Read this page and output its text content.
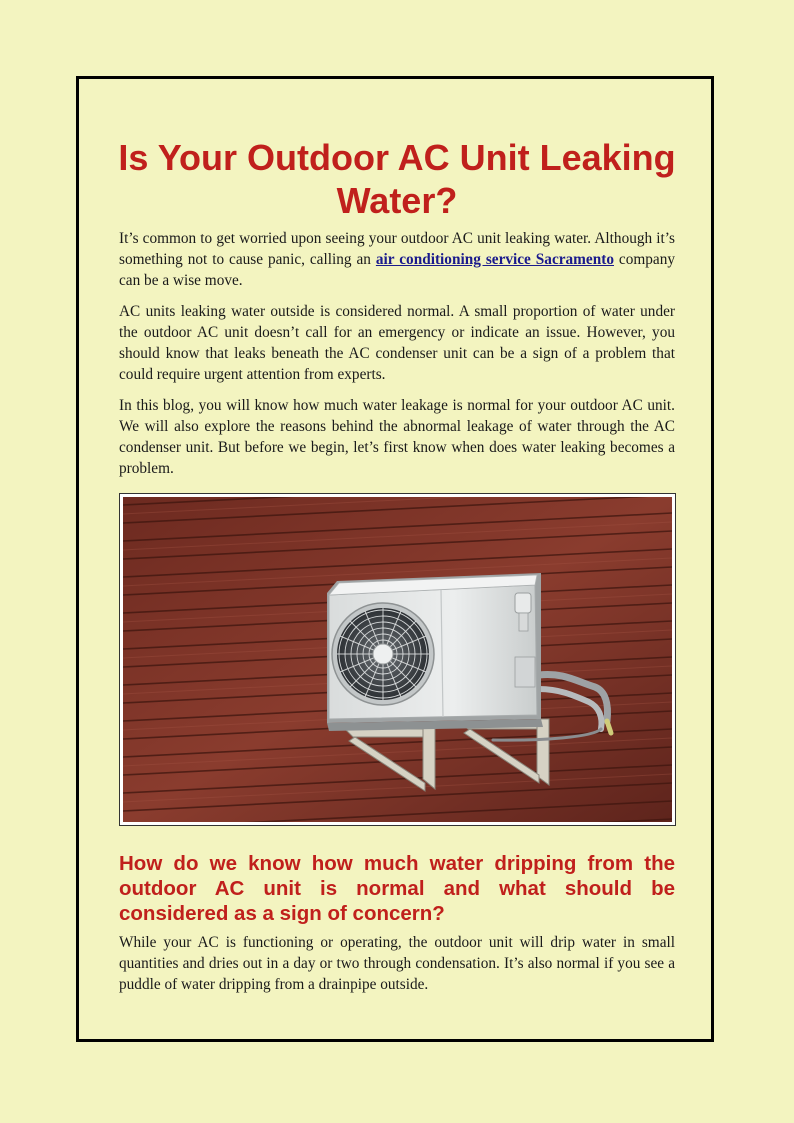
Is Your Outdoor AC Unit Leaking Water?

It’s common to get worried upon seeing your outdoor AC unit leaking water. Although it’s something not to cause panic, calling an air conditioning service Sacramento company can be a wise move.

AC units leaking water outside is considered normal. A small proportion of water under the outdoor AC unit doesn’t call for an emergency or indicate an issue. However, you should know that leaks beneath the AC condenser unit can be a sign of a problem that could require urgent attention from experts.

In this blog, you will know how much water leakage is normal for your outdoor AC unit. We will also explore the reasons behind the abnormal leakage of water through the AC condenser unit. But before we begin, let’s first know when does water leaking becomes a problem.

How do we know how much water dripping from the outdoor AC unit is normal and what should be considered as a sign of concern?

While your AC is functioning or operating, the outdoor unit will drip water in small quantities and dries out in a day or two through condensation. It’s also normal if you see a puddle of water dripping from a drainpipe outside.
